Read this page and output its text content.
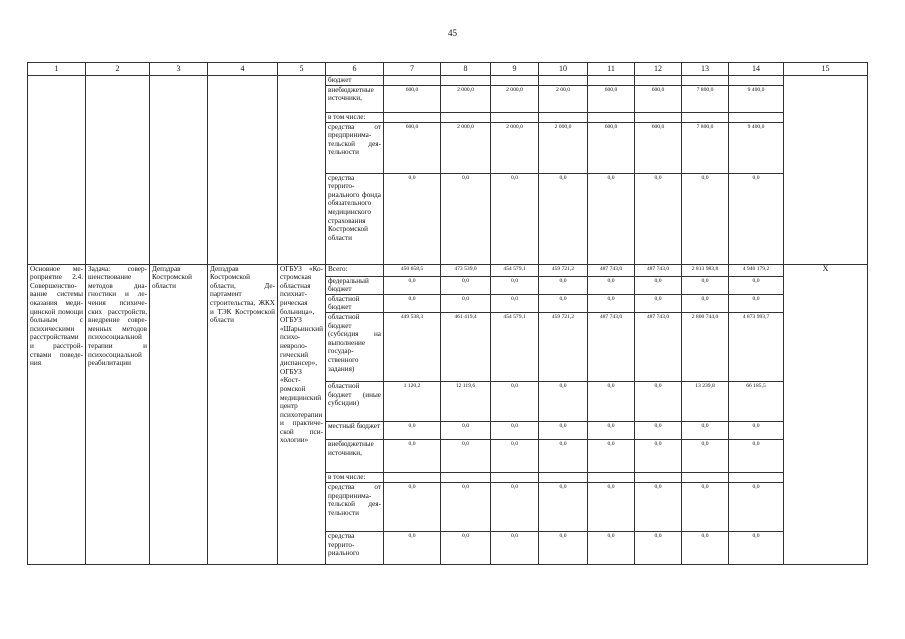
45
1	2	3	4	5	6	7	8	9	10	11	12	13	14	15
					бюджет									
					внебюджетные источники,	600,0	2 000,0	2 000,0	2 00,0	600,0	600,0	7 800,0	9 400,0	
					в том числе:									
					средства от предпринимательской деятельности	600,0	2 000,0	2 000,0	2 000,0	600,0	600,0	7 800,0	9 400,0	
					средства территориального фонда обязательного медицинского страхования Костромской области	0,0	0,0	0,0	0,0	0,0	0,0	0,0	0,0	
Основное мероприятие 2.4. Совершенствование системы оказания медицинской помощи больным с психическими расстройствами и расстройствами поведения	Задача: совершенствование методов диагностики и лечения психических расстройств, внедрение современных методов психосоциальной терапии и психосоциальной реабилитации	Депздрав Костромской области	Депздрав Костромской области, Департамент строительства, ЖКХ и ТЭК Костромской области	ОГБУЗ «Костромская областная психиатрическая больница», ОГБУЗ «Шарьинский психоневрологический диспансер», ОГБУЗ «Костромской медицинский центр психотерапии и практической психологии»	Всего:	450 658,5	473 539,0	454 579,1	459 721,2	487 743,0	487 743,0	2 813 983,8	4 940 179,2	Х
					федеральный бюджет	0,0	0,0	0,0	0,0	0,0	0,0	0,0	0,0	
					областной бюджет	0,0	0,0	0,0	0,0	0,0	0,0	0,0	0,0	
					областной бюджет (субсидия на выполнение государственного задания)	449 538,3	461 419,4	454 579,1	459 721,2	487 743,0	487 743,0	2 800 744,0	4 873 993,7	
					областной бюджет (иные субсидии)	1 120,2	12 119,6	0,0	0,0	0,0	0,0	13 239,8	66 185,5	
					местный бюджет	0,0	0,0	0,0	0,0	0,0	0,0	0,0	0,0	
					внебюджетные источники,	0,0	0,0	0,0	0,0	0,0	0,0	0,0	0,0	
					в том числе:									
					средства от предпринимательской деятельности	0,0	0,0	0,0	0,0	0,0	0,0	0,0	0,0	
					средства территориального	0,0	0,0	0,0	0,0	0,0	0,0	0,0	0,0	
